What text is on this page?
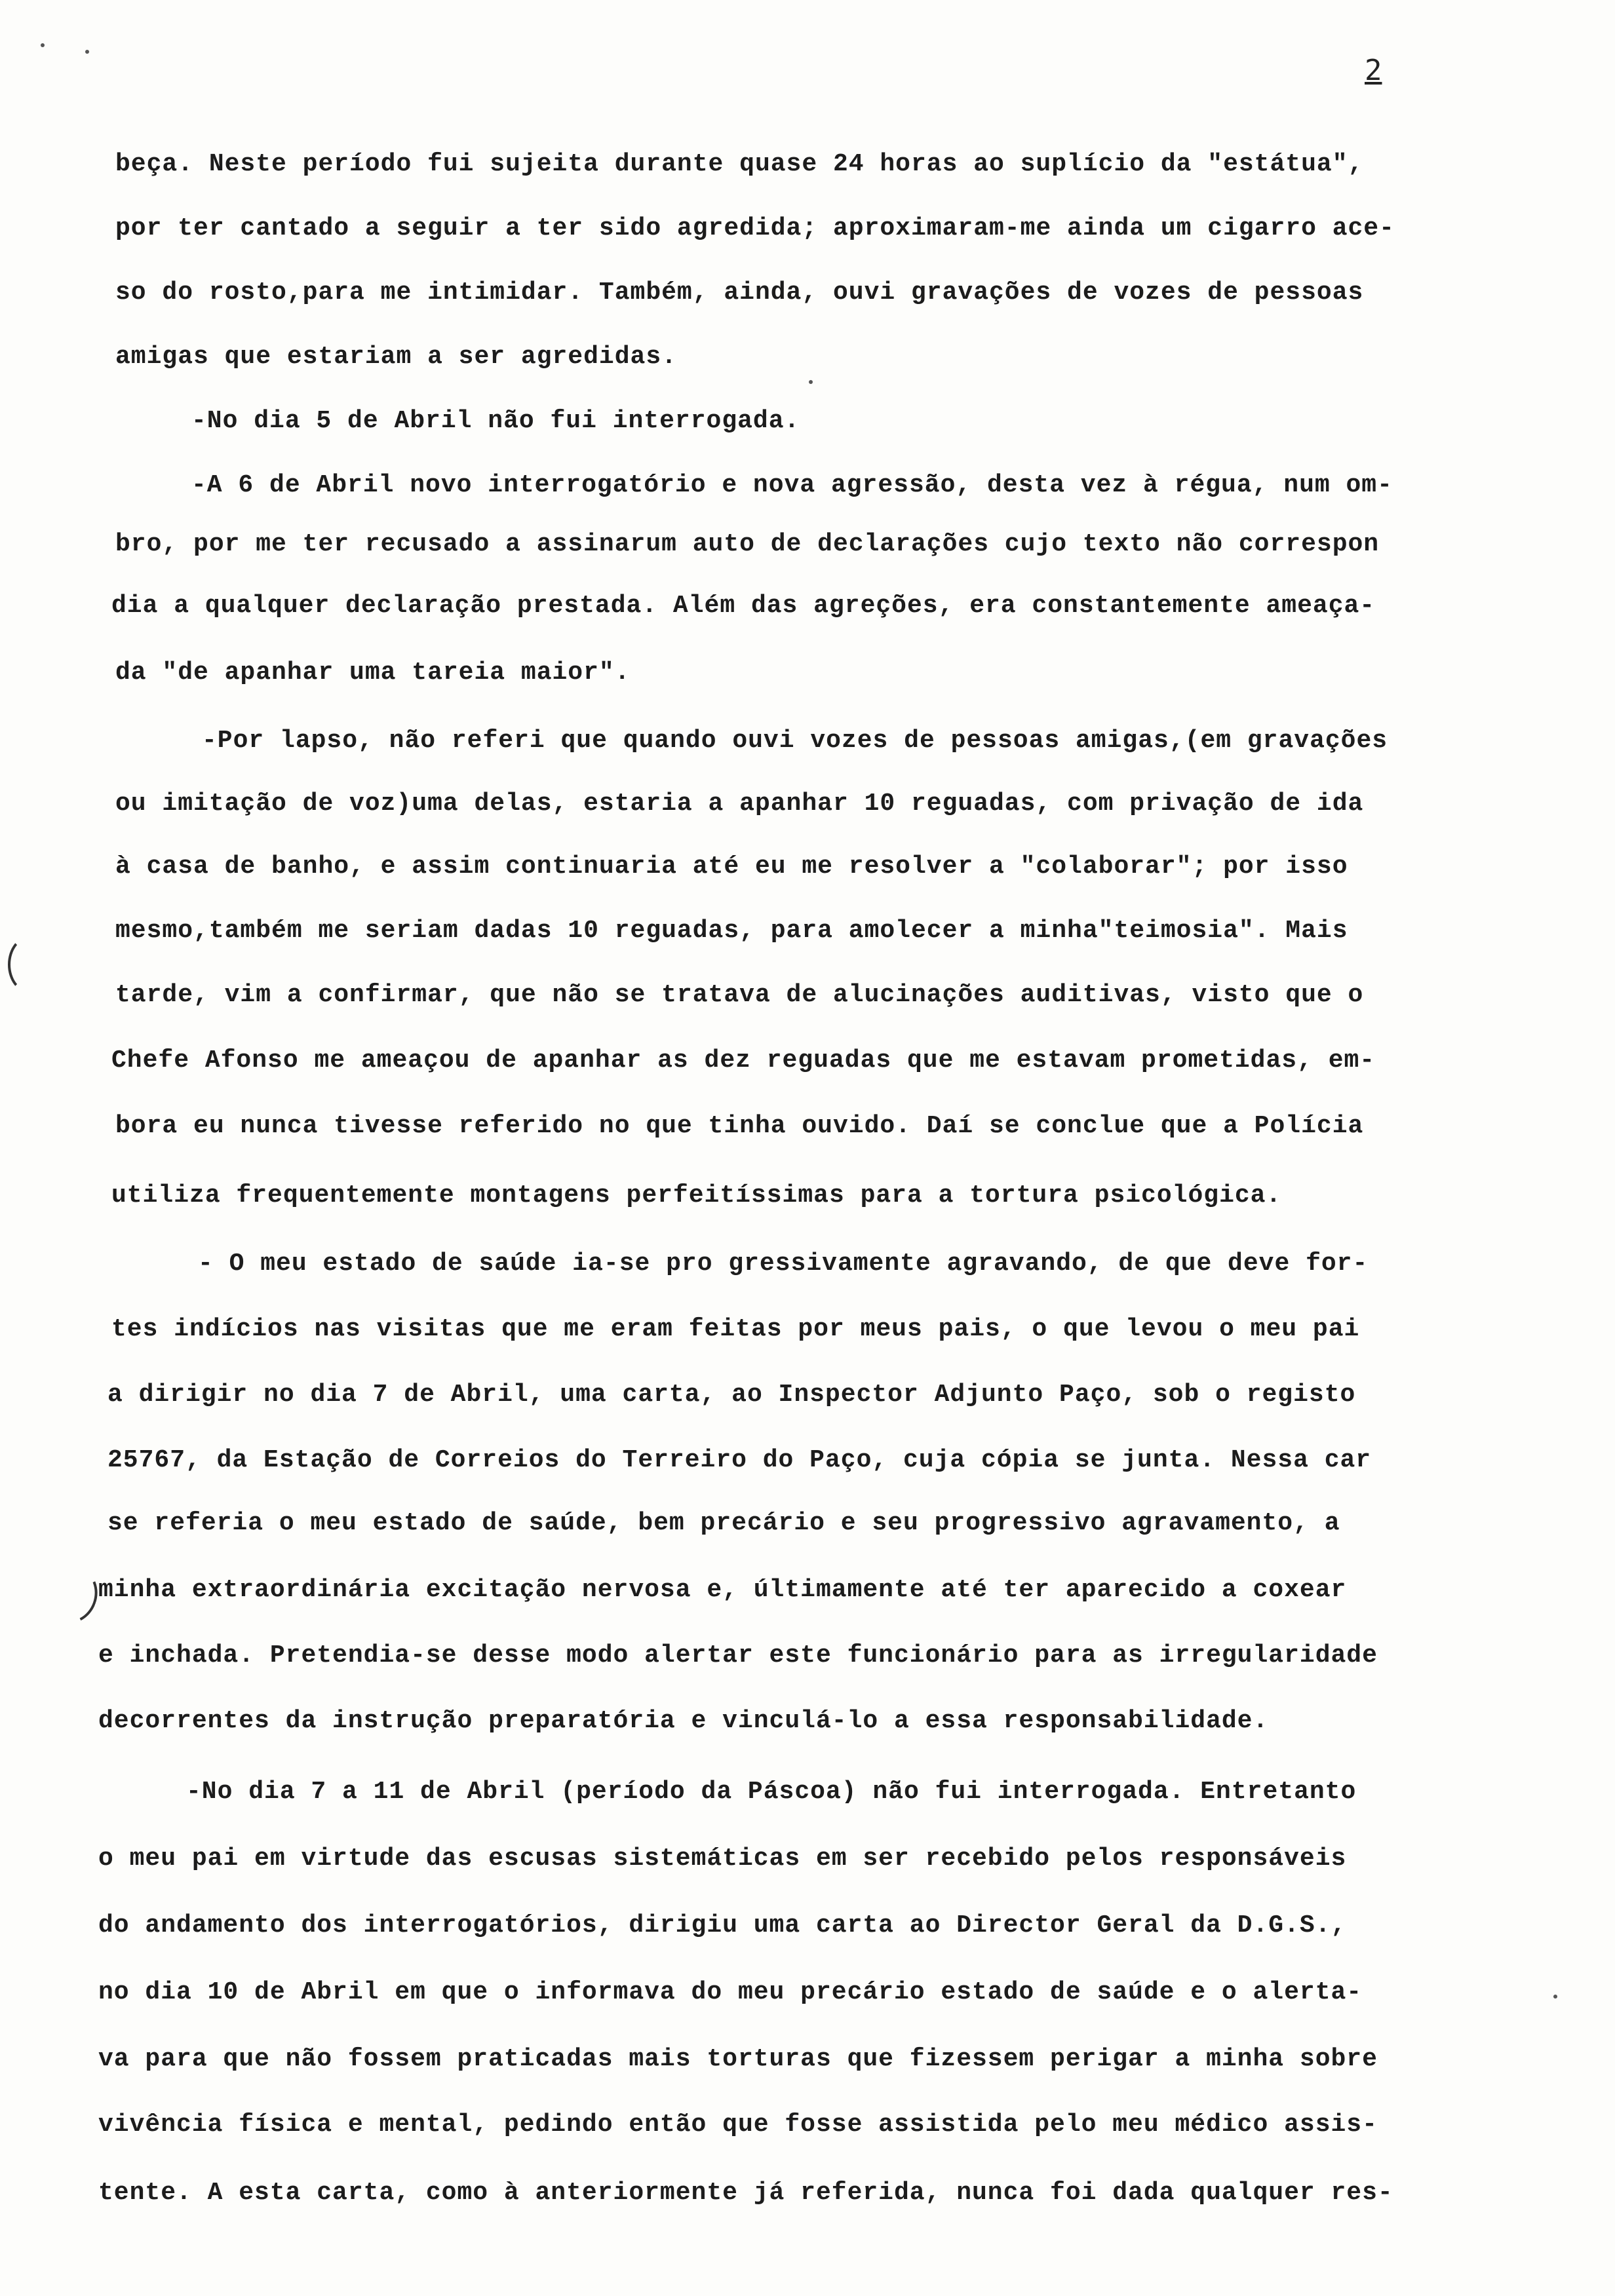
2
beça. Neste período fui sujeita durante quase 24 horas ao suplício da "estátua",
por ter cantado a seguir a ter sido agredida; aproximaram-me ainda um cigarro ace-
so do rosto,para me intimidar. Também, ainda, ouvi gravações de vozes de pessoas
amigas que estariam a ser agredidas.
-No dia 5 de Abril não fui interrogada.
-A 6 de Abril novo interrogatório e nova agressão, desta vez à régua, num om-
bro, por me ter recusado a assinarum auto de declarações cujo texto não correspon
dia a qualquer declaração prestada. Além das agreções, era constantemente ameaça-
da "de apanhar uma tareia maior".
-Por lapso, não referi que quando ouvi vozes de pessoas amigas,(em gravações
ou imitação de voz)uma delas, estaria a apanhar 10 reguadas, com privação de ida
à casa de banho, e assim continuaria até eu me resolver a "colaborar"; por isso
mesmo,também me seriam dadas 10 reguadas, para amolecer a minha"teimosia". Mais
tarde, vim a confirmar, que não se tratava de alucinações auditivas, visto que o
Chefe Afonso me ameaçou de apanhar as dez reguadas que me estavam prometidas, em-
bora eu nunca tivesse referido no que tinha ouvido. Daí se conclue que a Polícia
utiliza frequentemente montagens perfeitíssimas para a tortura psicológica.
- O meu estado de saúde ia-se pro gressivamente agravando, de que deve for-
tes indícios nas visitas que me eram feitas por meus pais, o que levou o meu pai
a dirigir no dia 7 de Abril, uma carta, ao Inspector Adjunto Paço, sob o registo
25767, da Estação de Correios do Terreiro do Paço, cuja cópia se junta. Nessa car
se referia o meu estado de saúde, bem precário e seu progressivo agravamento, a
minha extraordinária excitação nervosa e, últimamente até ter aparecido a coxear
e inchada. Pretendia-se desse modo alertar este funcionário para as irregularidade
decorrentes da instrução preparatória e vinculá-lo a essa responsabilidade.
-No dia 7 a 11 de Abril (período da Páscoa) não fui interrogada. Entretanto
o meu pai em virtude das escusas sistemáticas em ser recebido pelos responsáveis
do andamento dos interrogatórios, dirigiu uma carta ao Director Geral da D.G.S.,
no dia 10 de Abril em que o informava do meu precário estado de saúde e o alerta-
va para que não fossem praticadas mais torturas que fizessem perigar a minha sobre
vivência física e mental, pedindo então que fosse assistida pelo meu médico assis-
tente. A esta carta, como à anteriormente já referida, nunca foi dada qualquer res-
